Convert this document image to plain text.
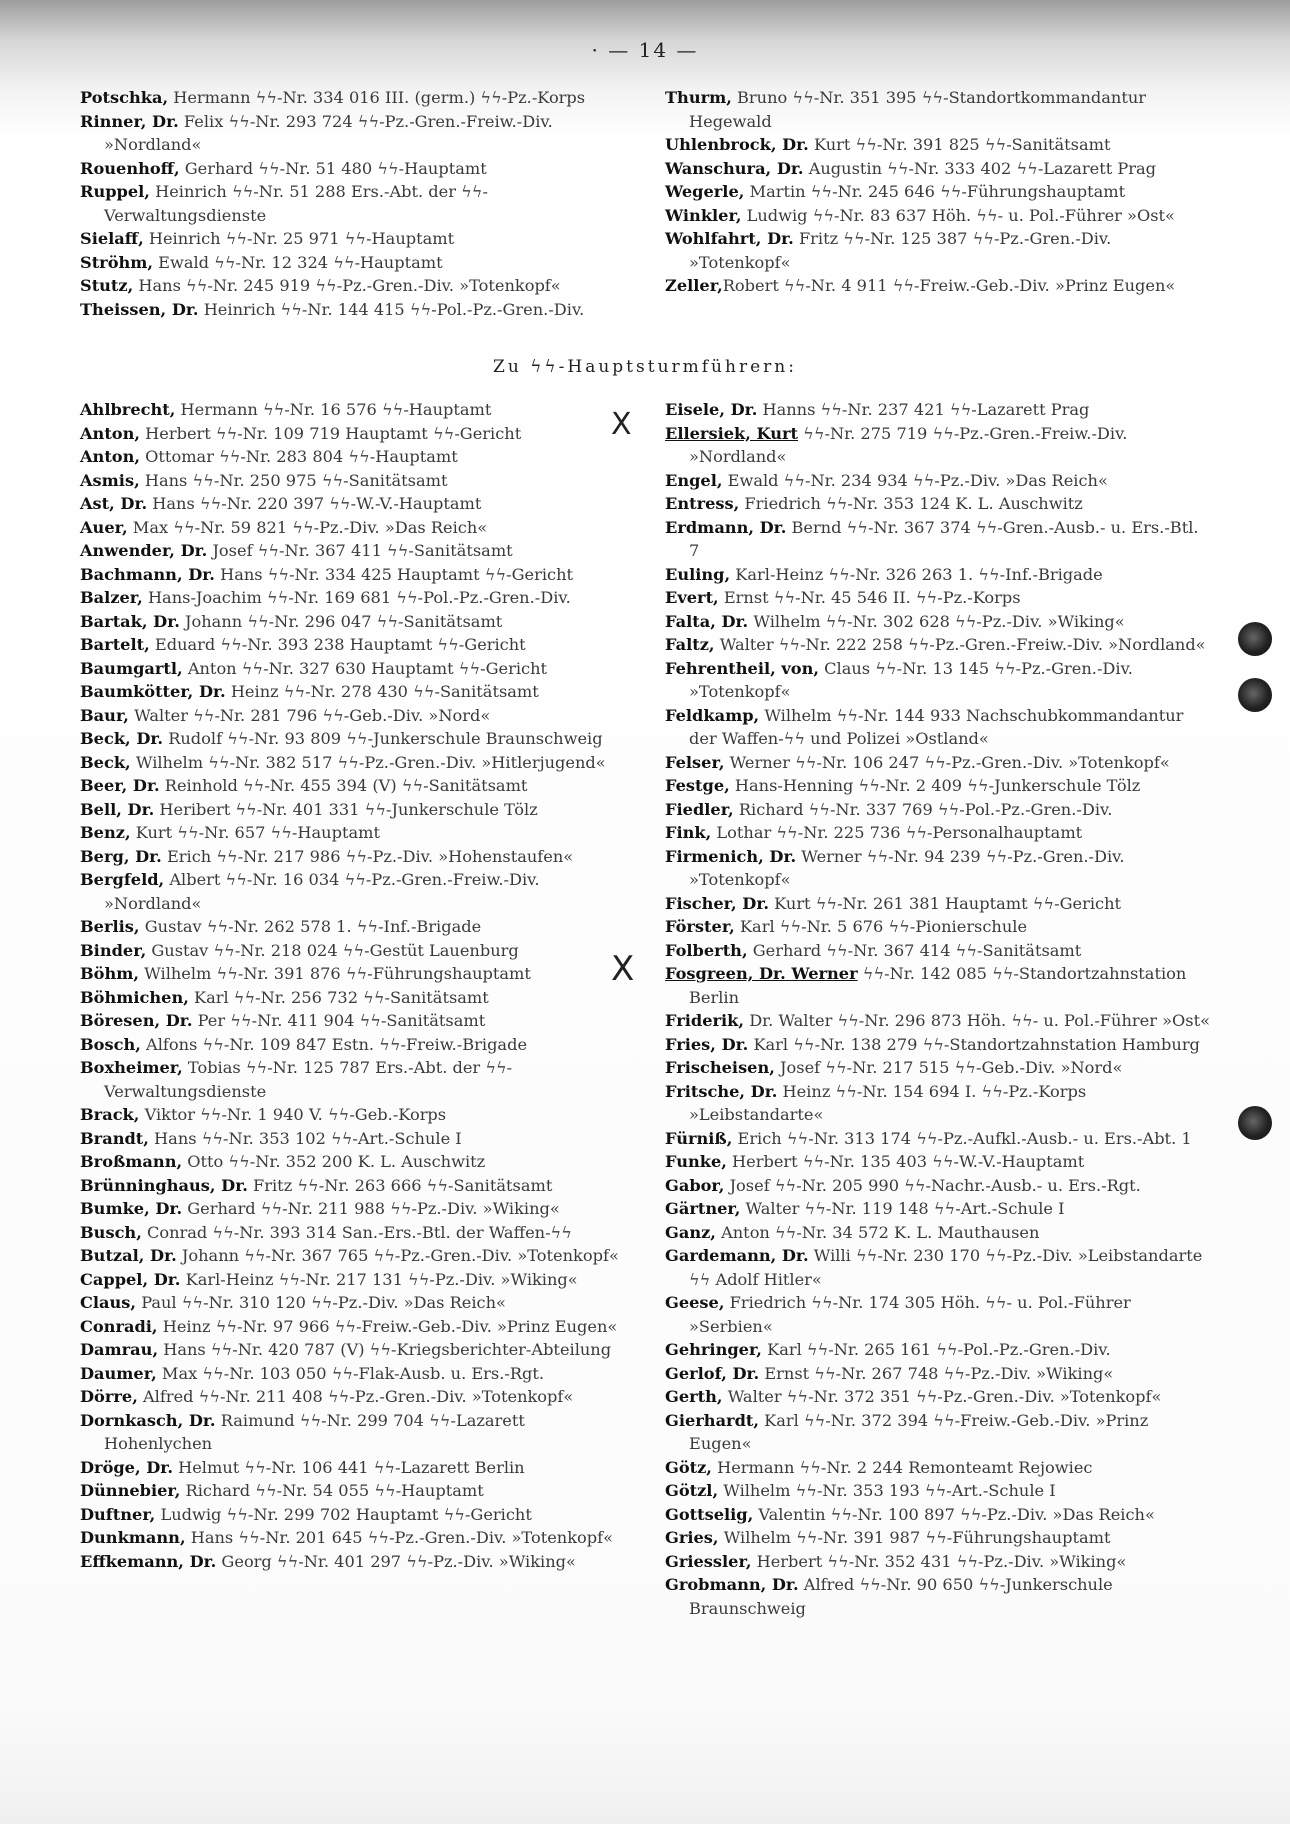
· — 14 —

Potschka, Hermann ϟϟ-Nr. 334 016 III. (germ.) ϟϟ-Pz.-Korps

Rinner, Dr. Felix ϟϟ-Nr. 293 724 ϟϟ-Pz.-Gren.-Freiw.-Div. »Nordland«

Rouenhoff, Gerhard ϟϟ-Nr. 51 480 ϟϟ-Hauptamt

Ruppel, Heinrich ϟϟ-Nr. 51 288 Ers.-Abt. der ϟϟ-Verwaltungsdienste

Sielaff, Heinrich ϟϟ-Nr. 25 971 ϟϟ-Hauptamt

Ströhm, Ewald ϟϟ-Nr. 12 324 ϟϟ-Hauptamt

Stutz, Hans ϟϟ-Nr. 245 919 ϟϟ-Pz.-Gren.-Div. »Totenkopf«

Theissen, Dr. Heinrich ϟϟ-Nr. 144 415 ϟϟ-Pol.-Pz.-Gren.-Div.

Thurm, Bruno ϟϟ-Nr. 351 395 ϟϟ-Standortkommandantur Hegewald

Uhlenbrock, Dr. Kurt ϟϟ-Nr. 391 825 ϟϟ-Sanitätsamt

Wanschura, Dr. Augustin ϟϟ-Nr. 333 402 ϟϟ-Lazarett Prag

Wegerle, Martin ϟϟ-Nr. 245 646 ϟϟ-Führungshauptamt

Winkler, Ludwig ϟϟ-Nr. 83 637 Höh. ϟϟ- u. Pol.-Führer »Ost«

Wohlfahrt, Dr. Fritz ϟϟ-Nr. 125 387 ϟϟ-Pz.-Gren.-Div. »Totenkopf«

Zeller,Robert ϟϟ-Nr. 4 911 ϟϟ-Freiw.-Geb.-Div. »Prinz Eugen«

Zu ϟϟ-Hauptsturmführern:

Ahlbrecht, Hermann ϟϟ-Nr. 16 576 ϟϟ-Hauptamt

Anton, Herbert ϟϟ-Nr. 109 719 Hauptamt ϟϟ-Gericht

Anton, Ottomar ϟϟ-Nr. 283 804 ϟϟ-Hauptamt

Asmis, Hans ϟϟ-Nr. 250 975 ϟϟ-Sanitätsamt

Ast, Dr. Hans ϟϟ-Nr. 220 397 ϟϟ-W.-V.-Hauptamt

Auer, Max ϟϟ-Nr. 59 821 ϟϟ-Pz.-Div. »Das Reich«

Anwender, Dr. Josef ϟϟ-Nr. 367 411 ϟϟ-Sanitätsamt

Bachmann, Dr. Hans ϟϟ-Nr. 334 425 Hauptamt ϟϟ-Gericht

Balzer, Hans-Joachim ϟϟ-Nr. 169 681 ϟϟ-Pol.-Pz.-Gren.-Div.

Bartak, Dr. Johann ϟϟ-Nr. 296 047 ϟϟ-Sanitätsamt

Bartelt, Eduard ϟϟ-Nr. 393 238 Hauptamt ϟϟ-Gericht

Baumgartl, Anton ϟϟ-Nr. 327 630 Hauptamt ϟϟ-Gericht

Baumkötter, Dr. Heinz ϟϟ-Nr. 278 430 ϟϟ-Sanitätsamt

Baur, Walter ϟϟ-Nr. 281 796 ϟϟ-Geb.-Div. »Nord«

Beck, Dr. Rudolf ϟϟ-Nr. 93 809 ϟϟ-Junkerschule Braunschweig

Beck, Wilhelm ϟϟ-Nr. 382 517 ϟϟ-Pz.-Gren.-Div. »Hitlerjugend«

Beer, Dr. Reinhold ϟϟ-Nr. 455 394 (V) ϟϟ-Sanitätsamt

Bell, Dr. Heribert ϟϟ-Nr. 401 331 ϟϟ-Junkerschule Tölz

Benz, Kurt ϟϟ-Nr. 657 ϟϟ-Hauptamt

Berg, Dr. Erich ϟϟ-Nr. 217 986 ϟϟ-Pz.-Div. »Hohenstaufen«

Bergfeld, Albert ϟϟ-Nr. 16 034 ϟϟ-Pz.-Gren.-Freiw.-Div. »Nordland«

Berlis, Gustav ϟϟ-Nr. 262 578 1. ϟϟ-Inf.-Brigade

Binder, Gustav ϟϟ-Nr. 218 024 ϟϟ-Gestüt Lauenburg

Böhm, Wilhelm ϟϟ-Nr. 391 876 ϟϟ-Führungshauptamt

Böhmichen, Karl ϟϟ-Nr. 256 732 ϟϟ-Sanitätsamt

Böresen, Dr. Per ϟϟ-Nr. 411 904 ϟϟ-Sanitätsamt

Bosch, Alfons ϟϟ-Nr. 109 847 Estn. ϟϟ-Freiw.-Brigade

Boxheimer, Tobias ϟϟ-Nr. 125 787 Ers.-Abt. der ϟϟ-Verwaltungsdienste

Brack, Viktor ϟϟ-Nr. 1 940 V. ϟϟ-Geb.-Korps

Brandt, Hans ϟϟ-Nr. 353 102 ϟϟ-Art.-Schule I

Broßmann, Otto ϟϟ-Nr. 352 200 K. L. Auschwitz

Brünninghaus, Dr. Fritz ϟϟ-Nr. 263 666 ϟϟ-Sanitätsamt

Bumke, Dr. Gerhard ϟϟ-Nr. 211 988 ϟϟ-Pz.-Div. »Wiking«

Busch, Conrad ϟϟ-Nr. 393 314 San.-Ers.-Btl. der Waffen-ϟϟ

Butzal, Dr. Johann ϟϟ-Nr. 367 765 ϟϟ-Pz.-Gren.-Div. »Totenkopf«

Cappel, Dr. Karl-Heinz ϟϟ-Nr. 217 131 ϟϟ-Pz.-Div. »Wiking«

Claus, Paul ϟϟ-Nr. 310 120 ϟϟ-Pz.-Div. »Das Reich«

Conradi, Heinz ϟϟ-Nr. 97 966 ϟϟ-Freiw.-Geb.-Div. »Prinz Eugen«

Damrau, Hans ϟϟ-Nr. 420 787 (V) ϟϟ-Kriegsberichter-Abteilung

Daumer, Max ϟϟ-Nr. 103 050 ϟϟ-Flak-Ausb. u. Ers.-Rgt.

Dörre, Alfred ϟϟ-Nr. 211 408 ϟϟ-Pz.-Gren.-Div. »Totenkopf«

Dornkasch, Dr. Raimund ϟϟ-Nr. 299 704 ϟϟ-Lazarett Hohenlychen

Dröge, Dr. Helmut ϟϟ-Nr. 106 441 ϟϟ-Lazarett Berlin

Dünnebier, Richard ϟϟ-Nr. 54 055 ϟϟ-Hauptamt

Duftner, Ludwig ϟϟ-Nr. 299 702 Hauptamt ϟϟ-Gericht

Dunkmann, Hans ϟϟ-Nr. 201 645 ϟϟ-Pz.-Gren.-Div. »Totenkopf«

Effkemann, Dr. Georg ϟϟ-Nr. 401 297 ϟϟ-Pz.-Div. »Wiking«

Eisele, Dr. Hanns ϟϟ-Nr. 237 421 ϟϟ-Lazarett Prag

X Ellersiek, Kurt ϟϟ-Nr. 275 719 ϟϟ-Pz.-Gren.-Freiw.-Div. »Nordland«

Engel, Ewald ϟϟ-Nr. 234 934 ϟϟ-Pz.-Div. »Das Reich«

Entress, Friedrich ϟϟ-Nr. 353 124 K. L. Auschwitz

Erdmann, Dr. Bernd ϟϟ-Nr. 367 374 ϟϟ-Gren.-Ausb.- u. Ers.-Btl. 7

Euling, Karl-Heinz ϟϟ-Nr. 326 263 1. ϟϟ-Inf.-Brigade

Evert, Ernst ϟϟ-Nr. 45 546 II. ϟϟ-Pz.-Korps

Falta, Dr. Wilhelm ϟϟ-Nr. 302 628 ϟϟ-Pz.-Div. »Wiking«

Faltz, Walter ϟϟ-Nr. 222 258 ϟϟ-Pz.-Gren.-Freiw.-Div. »Nordland«

Fehrentheil, von, Claus ϟϟ-Nr. 13 145 ϟϟ-Pz.-Gren.-Div. »Totenkopf«

Feldkamp, Wilhelm ϟϟ-Nr. 144 933 Nachschubkommandantur der Waffen-ϟϟ und Polizei »Ostland«

Felser, Werner ϟϟ-Nr. 106 247 ϟϟ-Pz.-Gren.-Div. »Totenkopf«

Festge, Hans-Henning ϟϟ-Nr. 2 409 ϟϟ-Junkerschule Tölz

Fiedler, Richard ϟϟ-Nr. 337 769 ϟϟ-Pol.-Pz.-Gren.-Div.

Fink, Lothar ϟϟ-Nr. 225 736 ϟϟ-Personalhauptamt

Firmenich, Dr. Werner ϟϟ-Nr. 94 239 ϟϟ-Pz.-Gren.-Div. »Totenkopf«

Fischer, Dr. Kurt ϟϟ-Nr. 261 381 Hauptamt ϟϟ-Gericht

Förster, Karl ϟϟ-Nr. 5 676 ϟϟ-Pionierschule

Folberth, Gerhard ϟϟ-Nr. 367 414 ϟϟ-Sanitätsamt

X Fosgreen, Dr. Werner ϟϟ-Nr. 142 085 ϟϟ-Standortzahnstation Berlin

Friderik, Dr. Walter ϟϟ-Nr. 296 873 Höh. ϟϟ- u. Pol.-Führer »Ost«

Fries, Dr. Karl ϟϟ-Nr. 138 279 ϟϟ-Standortzahnstation Hamburg

Frischeisen, Josef ϟϟ-Nr. 217 515 ϟϟ-Geb.-Div. »Nord«

Fritsche, Dr. Heinz ϟϟ-Nr. 154 694 I. ϟϟ-Pz.-Korps »Leibstandarte«

Fürniß, Erich ϟϟ-Nr. 313 174 ϟϟ-Pz.-Aufkl.-Ausb.- u. Ers.-Abt. 1

Funke, Herbert ϟϟ-Nr. 135 403 ϟϟ-W.-V.-Hauptamt

Gabor, Josef ϟϟ-Nr. 205 990 ϟϟ-Nachr.-Ausb.- u. Ers.-Rgt.

Gärtner, Walter ϟϟ-Nr. 119 148 ϟϟ-Art.-Schule I

Ganz, Anton ϟϟ-Nr. 34 572 K. L. Mauthausen

Gardemann, Dr. Willi ϟϟ-Nr. 230 170 ϟϟ-Pz.-Div. »Leibstandarte ϟϟ Adolf Hitler«

Geese, Friedrich ϟϟ-Nr. 174 305 Höh. ϟϟ- u. Pol.-Führer »Serbien«

Gehringer, Karl ϟϟ-Nr. 265 161 ϟϟ-Pol.-Pz.-Gren.-Div.

Gerlof, Dr. Ernst ϟϟ-Nr. 267 748 ϟϟ-Pz.-Div. »Wiking«

Gerth, Walter ϟϟ-Nr. 372 351 ϟϟ-Pz.-Gren.-Div. »Totenkopf«

Gierhardt, Karl ϟϟ-Nr. 372 394 ϟϟ-Freiw.-Geb.-Div. »Prinz Eugen«

Götz, Hermann ϟϟ-Nr. 2 244 Remonteamt Rejowiec

Götzl, Wilhelm ϟϟ-Nr. 353 193 ϟϟ-Art.-Schule I

Gottselig, Valentin ϟϟ-Nr. 100 897 ϟϟ-Pz.-Div. »Das Reich«

Gries, Wilhelm ϟϟ-Nr. 391 987 ϟϟ-Führungshauptamt

Griessler, Herbert ϟϟ-Nr. 352 431 ϟϟ-Pz.-Div. »Wiking«

Grobmann, Dr. Alfred ϟϟ-Nr. 90 650 ϟϟ-Junkerschule Braunschweig
